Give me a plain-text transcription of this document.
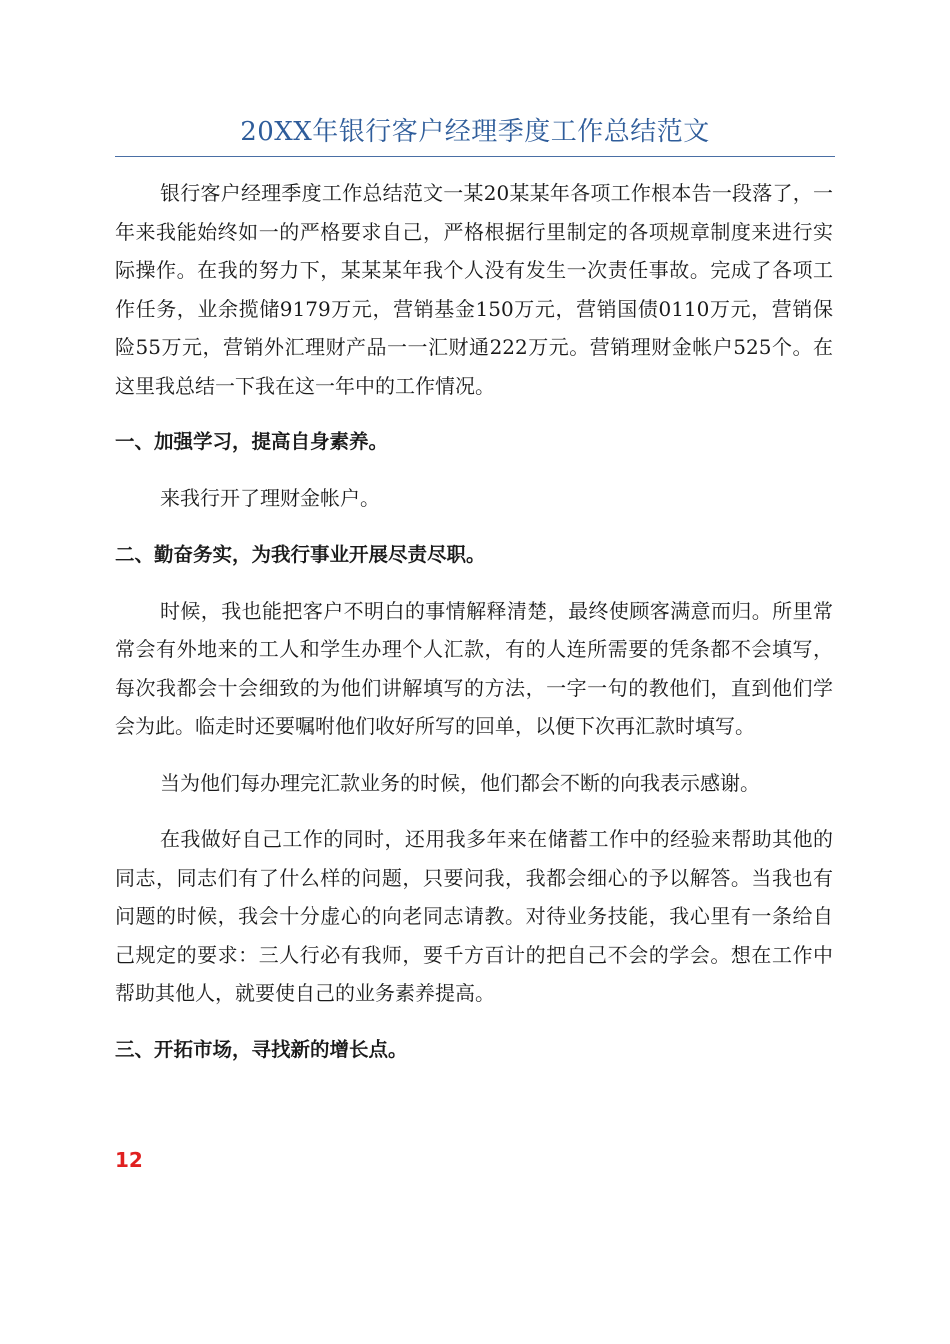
20XX年银行客户经理季度工作总结范文

银行客户经理季度工作总结范文一某20某某年各项工作根本告一段落了，一年来我能始终如一的严格要求自己，严格根据行里制定的各项规章制度来进行实际操作。在我的努力下，某某某年我个人没有发生一次责任事故。完成了各项工作任务，业余揽储9179万元，营销基金150万元，营销国债0110万元，营销保险55万元，营销外汇理财产品一一汇财通222万元。营销理财金帐户525个。在这里我总结一下我在这一年中的工作情况。

一、加强学习，提高自身素养。

来我行开了理财金帐户。

二、勤奋务实，为我行事业开展尽责尽职。

时候，我也能把客户不明白的事情解释清楚，最终使顾客满意而归。所里常常会有外地来的工人和学生办理个人汇款，有的人连所需要的凭条都不会填写，每次我都会十会细致的为他们讲解填写的方法，一字一句的教他们，直到他们学会为此。临走时还要嘱咐他们收好所写的回单，以便下次再汇款时填写。

当为他们每办理完汇款业务的时候，他们都会不断的向我表示感谢。

在我做好自己工作的同时，还用我多年来在储蓄工作中的经验来帮助其他的同志，同志们有了什么样的问题，只要问我，我都会细心的予以解答。当我也有问题的时候，我会十分虚心的向老同志请教。对待业务技能，我心里有一条给自己规定的要求：三人行必有我师，要千方百计的把自己不会的学会。想在工作中帮助其他人，就要使自己的业务素养提高。

三、开拓市场，寻找新的增长点。

12
